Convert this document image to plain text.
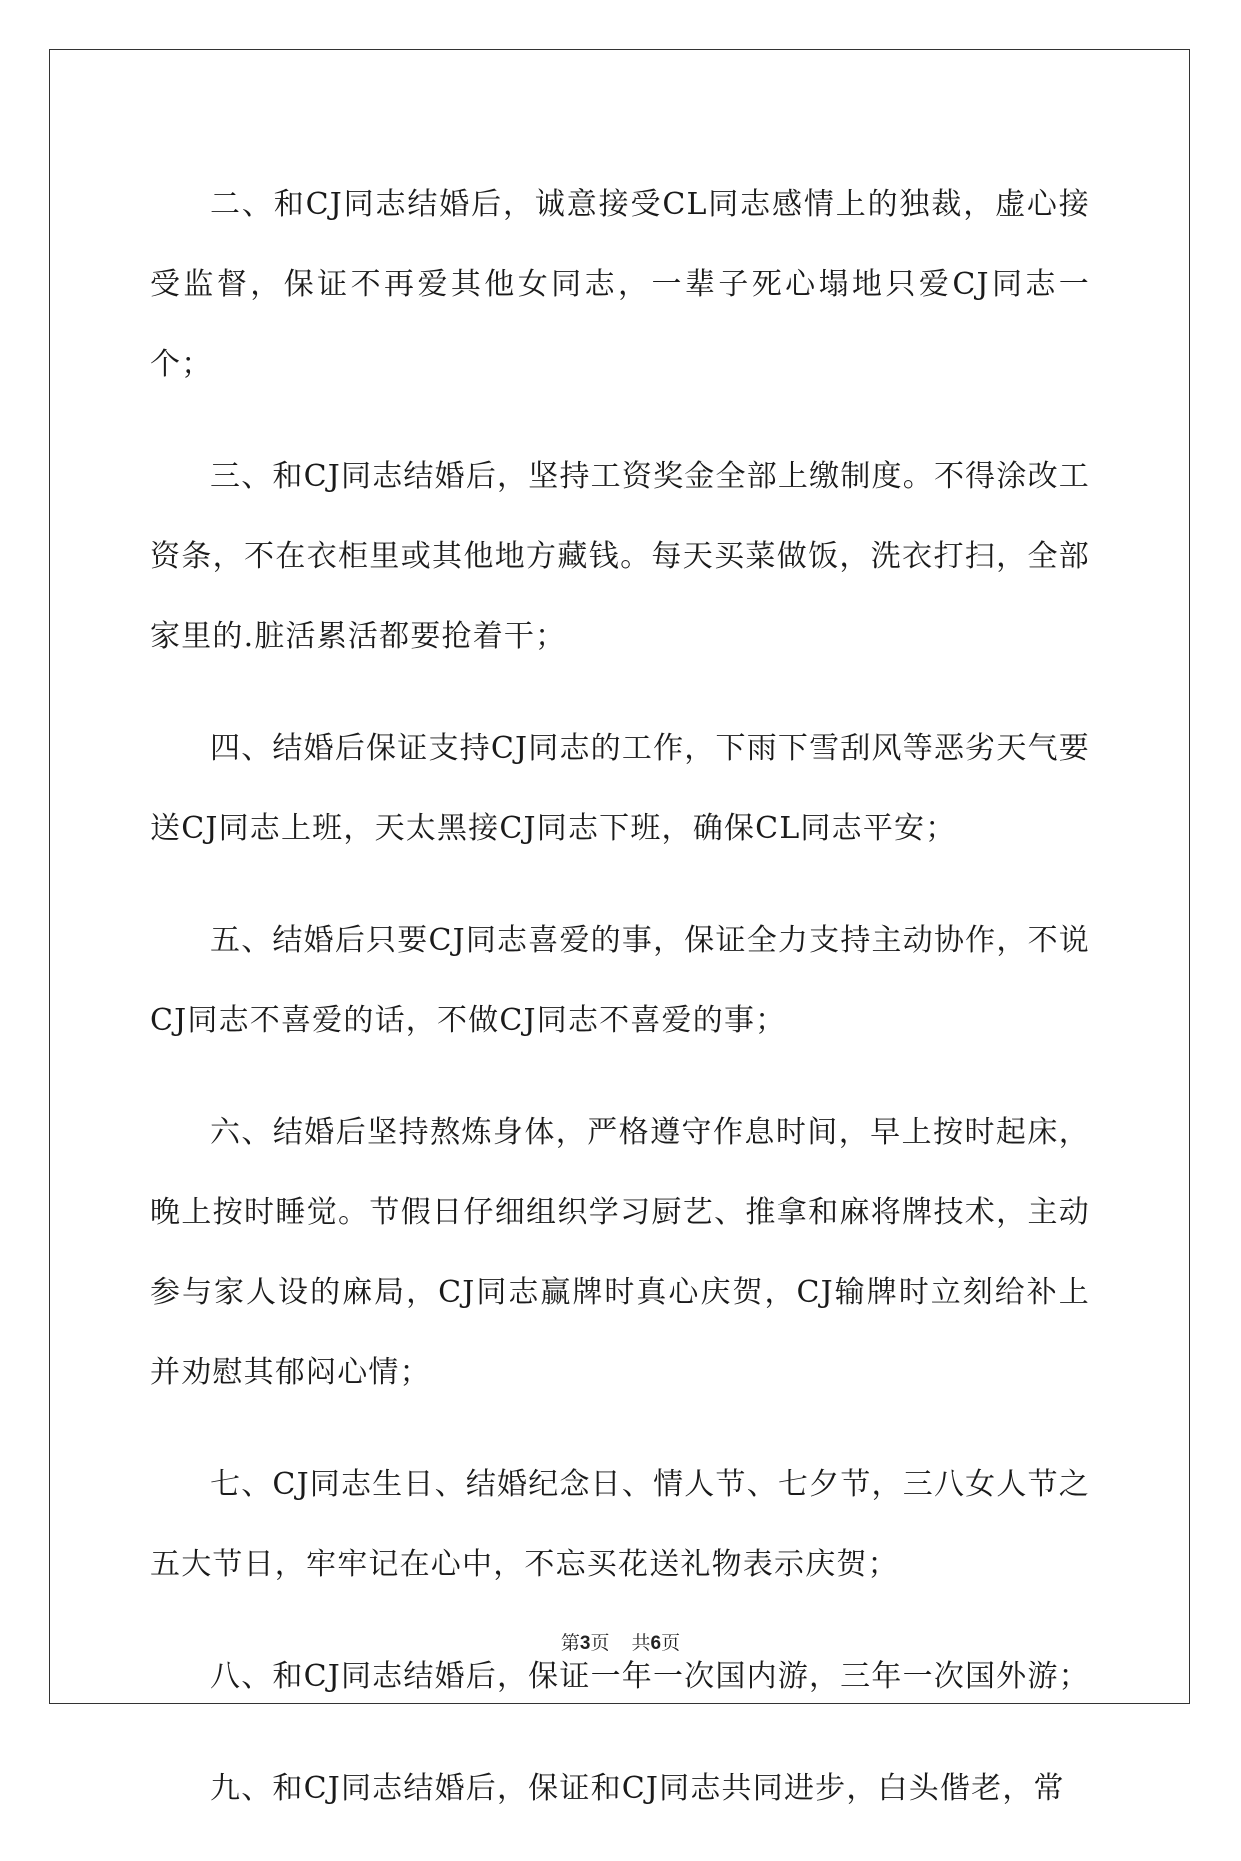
二、和CJ同志结婚后，诚意接受CL同志感情上的独裁，虚心接受监督，保证不再爱其他女同志，一辈子死心塌地只爱CJ同志一个；

三、和CJ同志结婚后，坚持工资奖金全部上缴制度。不得涂改工资条，不在衣柜里或其他地方藏钱。每天买菜做饭，洗衣打扫，全部家里的.脏活累活都要抢着干；

四、结婚后保证支持CJ同志的工作，下雨下雪刮风等恶劣天气要送CJ同志上班，天太黑接CJ同志下班，确保CL同志平安；

五、结婚后只要CJ同志喜爱的事，保证全力支持主动协作，不说CJ同志不喜爱的话，不做CJ同志不喜爱的事；

六、结婚后坚持熬炼身体，严格遵守作息时间，早上按时起床，晚上按时睡觉。节假日仔细组织学习厨艺、推拿和麻将牌技术，主动参与家人设的麻局，CJ同志赢牌时真心庆贺，CJ输牌时立刻给补上并劝慰其郁闷心情；

七、CJ同志生日、结婚纪念日、情人节、七夕节，三八女人节之五大节日，牢牢记在心中，不忘买花送礼物表示庆贺；

八、和CJ同志结婚后，保证一年一次国内游，三年一次国外游；

九、和CJ同志结婚后，保证和CJ同志共同进步，白头偕老，常

第3页 共6页
